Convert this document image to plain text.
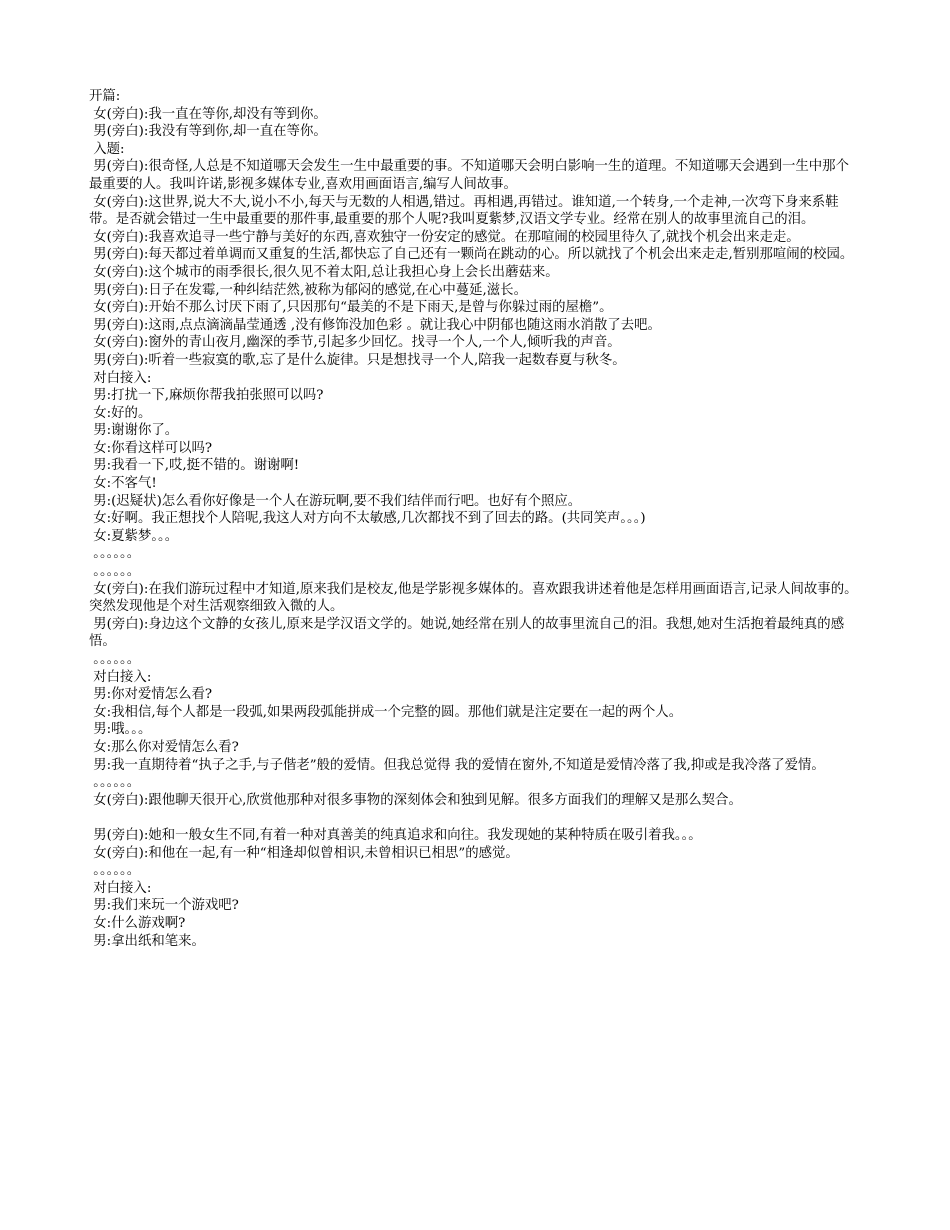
开篇:
女(旁白):我一直在等你,却没有等到你。
男(旁白):我没有等到你,却一直在等你。
入题:
男(旁白):很奇怪,人总是不知道哪天会发生一生中最重要的事。不知道哪天会明白影响一生的道理。不知道哪天会遇到一生中那个最重要的人。我叫许诺,影视多媒体专业,喜欢用画面语言,编写人间故事。
女(旁白):这世界,说大不大,说小不小,每天与无数的人相遇,错过。再相遇,再错过。谁知道,一个转身,一个走神,一次弯下身来系鞋带。是否就会错过一生中最重要的那件事,最重要的那个人呢?我叫夏紫梦,汉语文学专业。经常在别人的故事里流自己的泪。
女(旁白):我喜欢追寻一些宁静与美好的东西,喜欢独守一份安定的感觉。在那喧闹的校园里待久了,就找个机会出来走走。
男(旁白):每天都过着单调而又重复的生活,都快忘了自己还有一颗尚在跳动的心。所以就找了个机会出来走走,暂别那喧闹的校园。
女(旁白):这个城市的雨季很长,很久见不着太阳,总让我担心身上会长出蘑菇来。
男(旁白):日子在发霉,一种纠结茫然,被称为郁闷的感觉,在心中蔓延,滋长。
女(旁白):开始不那么讨厌下雨了,只因那句“最美的不是下雨天,是曾与你躲过雨的屋檐”。
男(旁白):这雨,点点滴滴晶莹通透 ,没有修饰没加色彩 。就让我心中阴郁也随这雨水消散了去吧。
女(旁白):窗外的青山夜月,幽深的季节,引起多少回忆。找寻一个人,一个人,倾听我的声音。
男(旁白):听着一些寂寞的歌,忘了是什么旋律。只是想找寻一个人,陪我一起数春夏与秋冬。
对白接入:
男:打扰一下,麻烦你帮我拍张照可以吗?
女:好的。
男:谢谢你了。
女:你看这样可以吗?
男:我看一下,哎,挺不错的。谢谢啊!
女:不客气!
男:(迟疑状)怎么看你好像是一个人在游玩啊,要不我们结伴而行吧。也好有个照应。
女:好啊。我正想找个人陪呢,我这人对方向不太敏感,几次都找不到了回去的路。(共同笑声。。。)
女:夏紫梦。。。
。。。。。。
。。。。。。
女(旁白):在我们游玩过程中才知道,原来我们是校友,他是学影视多媒体的。喜欢跟我讲述着他是怎样用画面语言,记录人间故事的。突然发现他是个对生活观察细致入微的人。
男(旁白):身边这个文静的女孩儿,原来是学汉语文学的。她说,她经常在别人的故事里流自己的泪。我想,她对生活抱着最纯真的感悟。
。。。。。。
对白接入:
男:你对爱情怎么看?
女:我相信,每个人都是一段弧,如果两段弧能拼成一个完整的圆。那他们就是注定要在一起的两个人。
男:哦。。。
女:那么你对爱情怎么看?
男:我一直期待着“执子之手,与子偕老”般的爱情。但我总觉得 我的爱情在窗外,不知道是爱情冷落了我,抑或是我冷落了爱情。
。。。。。。
女(旁白):跟他聊天很开心,欣赏他那种对很多事物的深刻体会和独到见解。很多方面我们的理解又是那么契合。
男(旁白):她和一般女生不同,有着一种对真善美的纯真追求和向往。我发现她的某种特质在吸引着我。。。
女(旁白):和他在一起,有一种“相逢却似曾相识,未曾相识已相思”的感觉。
。。。。。。
对白接入:
男:我们来玩一个游戏吧?
女:什么游戏啊?
男:拿出纸和笔来。
